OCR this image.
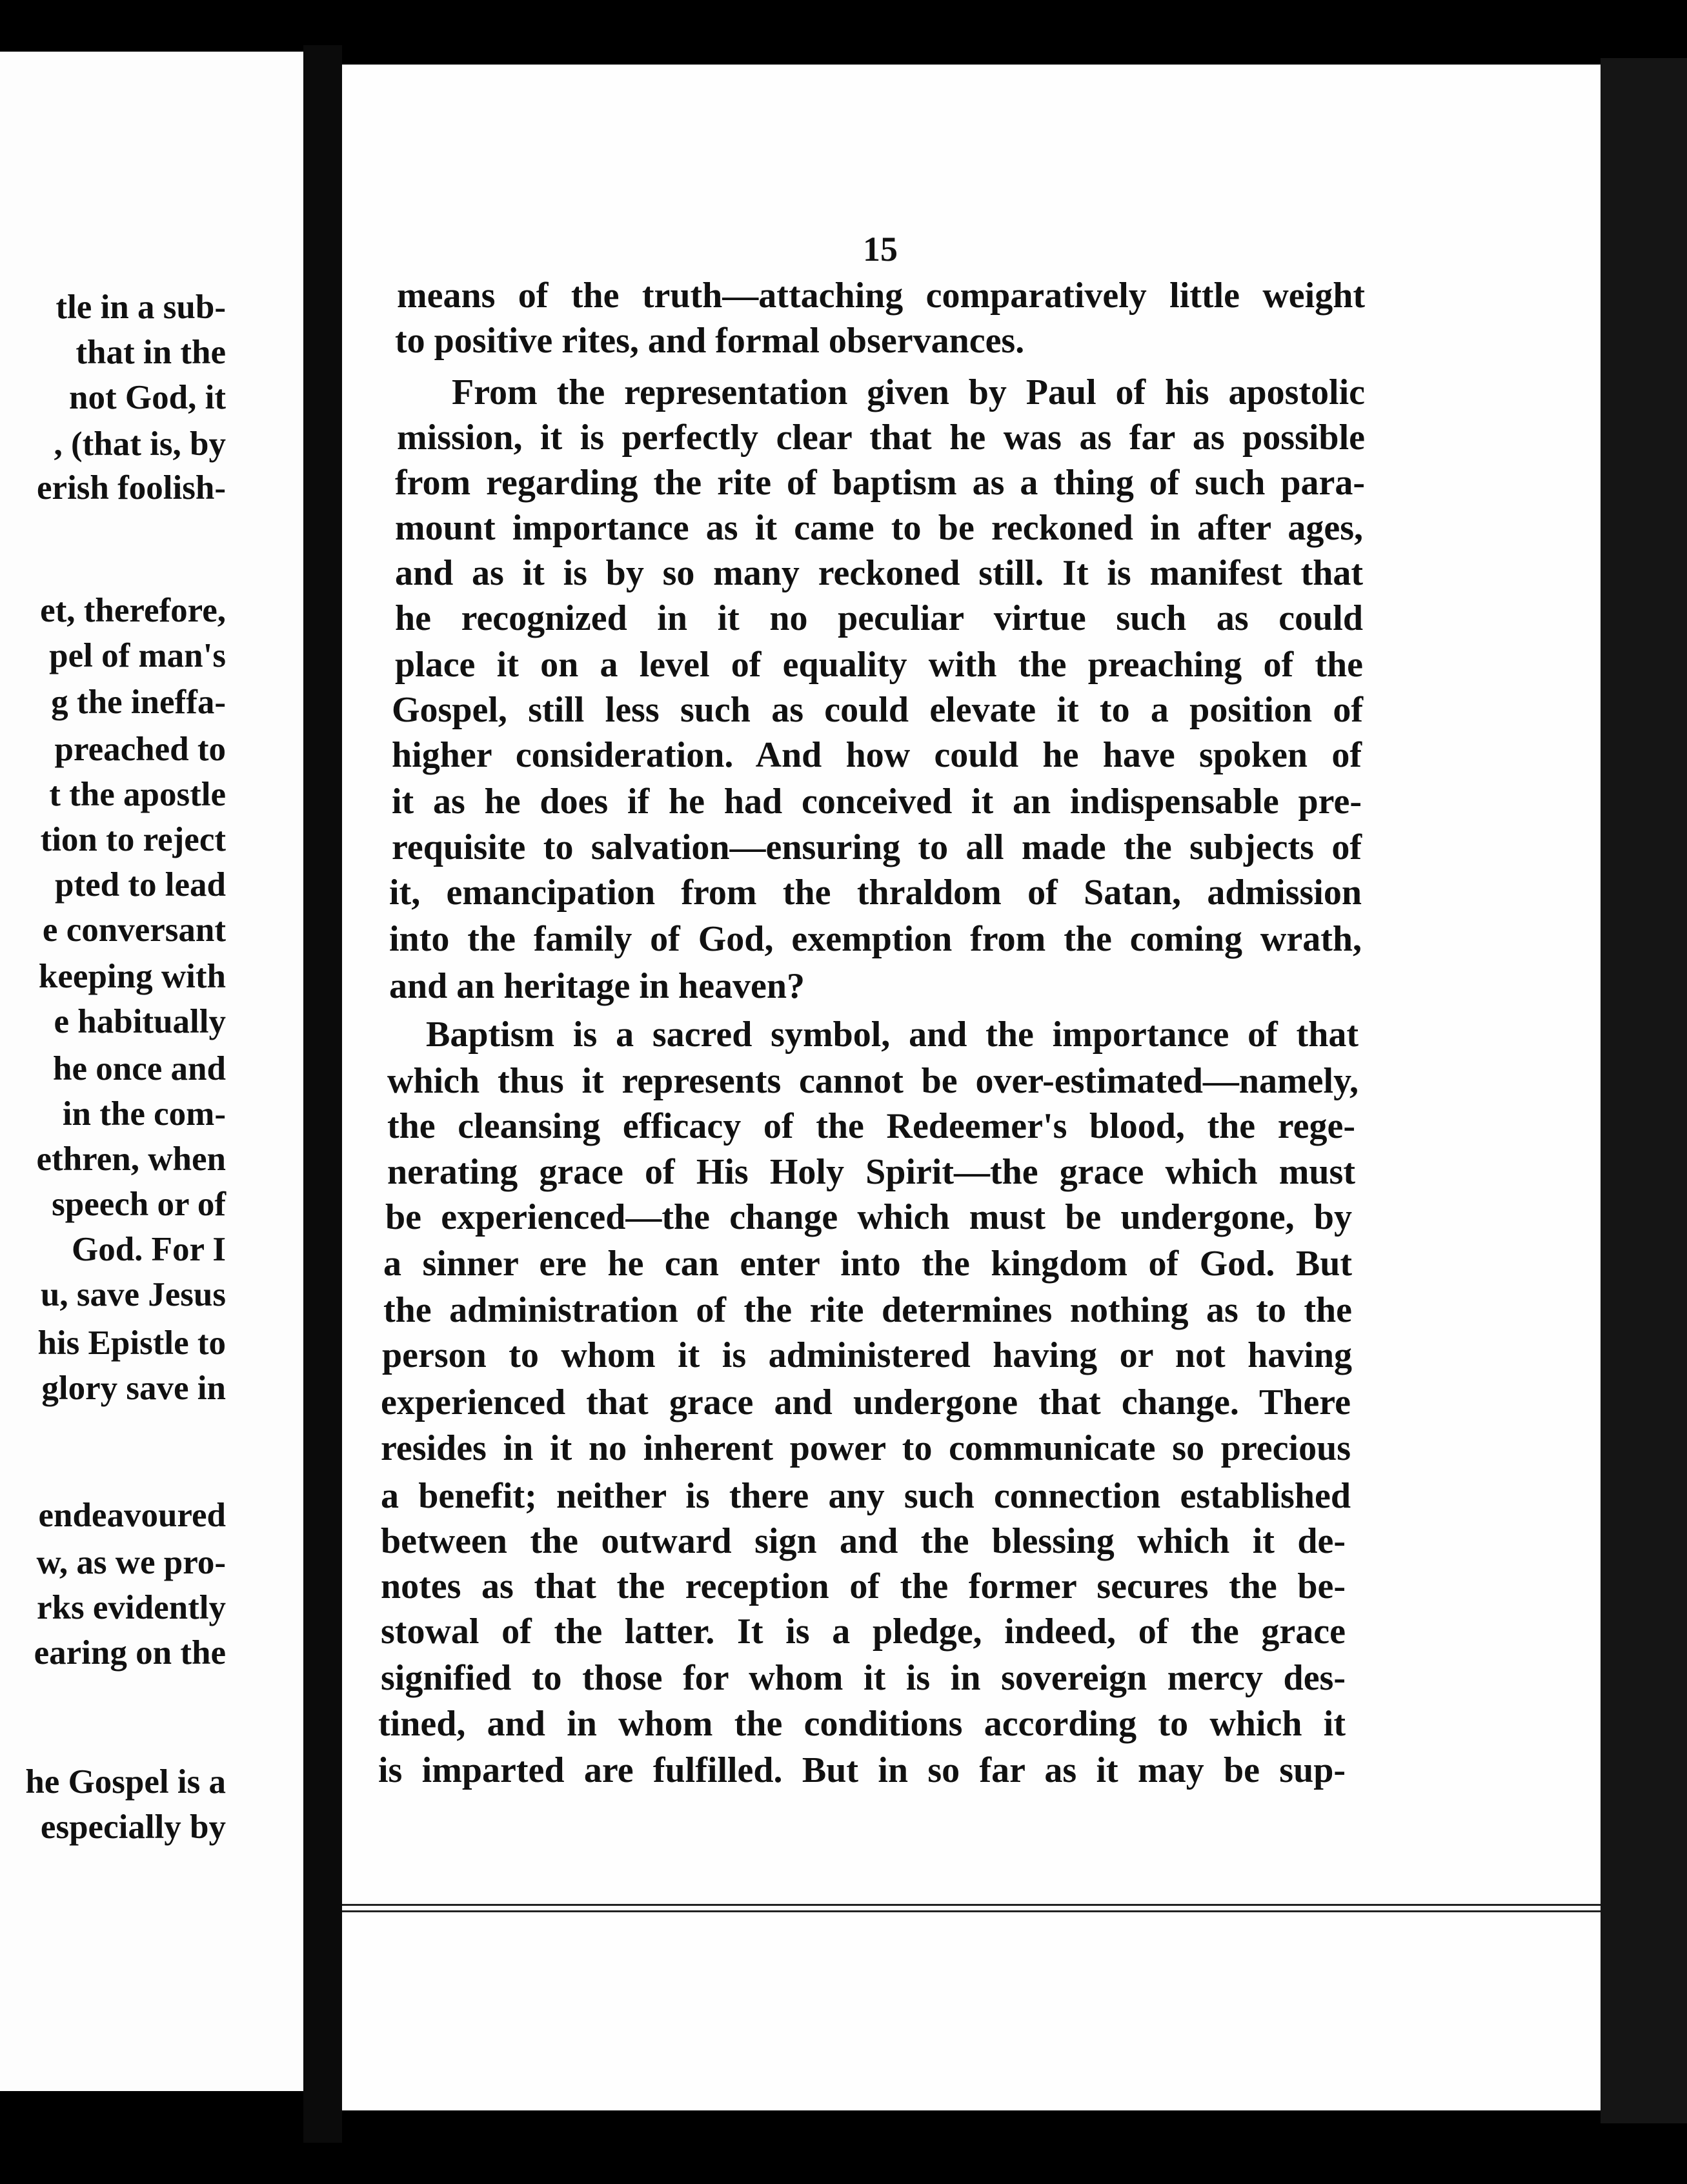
tle in a sub-
that in the
not God, it
, (that is, by
erish foolish-
et, therefore,
pel of man's
g the ineffa-
preached to
t the apostle
tion to reject
pted to lead
e conversant
keeping with
e habitually
he once and
in the com-
ethren, when
speech or of
God. For I
u, save Jesus
his Epistle to
glory save in
endeavoured
w, as we pro-
rks evidently
earing on the
he Gospel is a
especially by
15
means of the truth—attaching comparatively little weight
to positive rites, and formal observances.
From the representation given by Paul of his apostolic
mission, it is perfectly clear that he was as far as possible
from regarding the rite of baptism as a thing of such para-
mount importance as it came to be reckoned in after ages,
and as it is by so many reckoned still. It is manifest that
he recognized in it no peculiar virtue such as could
place it on a level of equality with the preaching of the
Gospel, still less such as could elevate it to a position of
higher consideration. And how could he have spoken of
it as he does if he had conceived it an indispensable pre-
requisite to salvation—ensuring to all made the subjects of
it, emancipation from the thraldom of Satan, admission
into the family of God, exemption from the coming wrath,
and an heritage in heaven?
Baptism is a sacred symbol, and the importance of that
which thus it represents cannot be over-estimated—namely,
the cleansing efficacy of the Redeemer's blood, the rege-
nerating grace of His Holy Spirit—the grace which must
be experienced—the change which must be undergone, by
a sinner ere he can enter into the kingdom of God. But
the administration of the rite determines nothing as to the
person to whom it is administered having or not having
experienced that grace and undergone that change. There
resides in it no inherent power to communicate so precious
a benefit; neither is there any such connection established
between the outward sign and the blessing which it de-
notes as that the reception of the former secures the be-
stowal of the latter. It is a pledge, indeed, of the grace
signified to those for whom it is in sovereign mercy des-
tined, and in whom the conditions according to which it
is imparted are fulfilled. But in so far as it may be sup-
